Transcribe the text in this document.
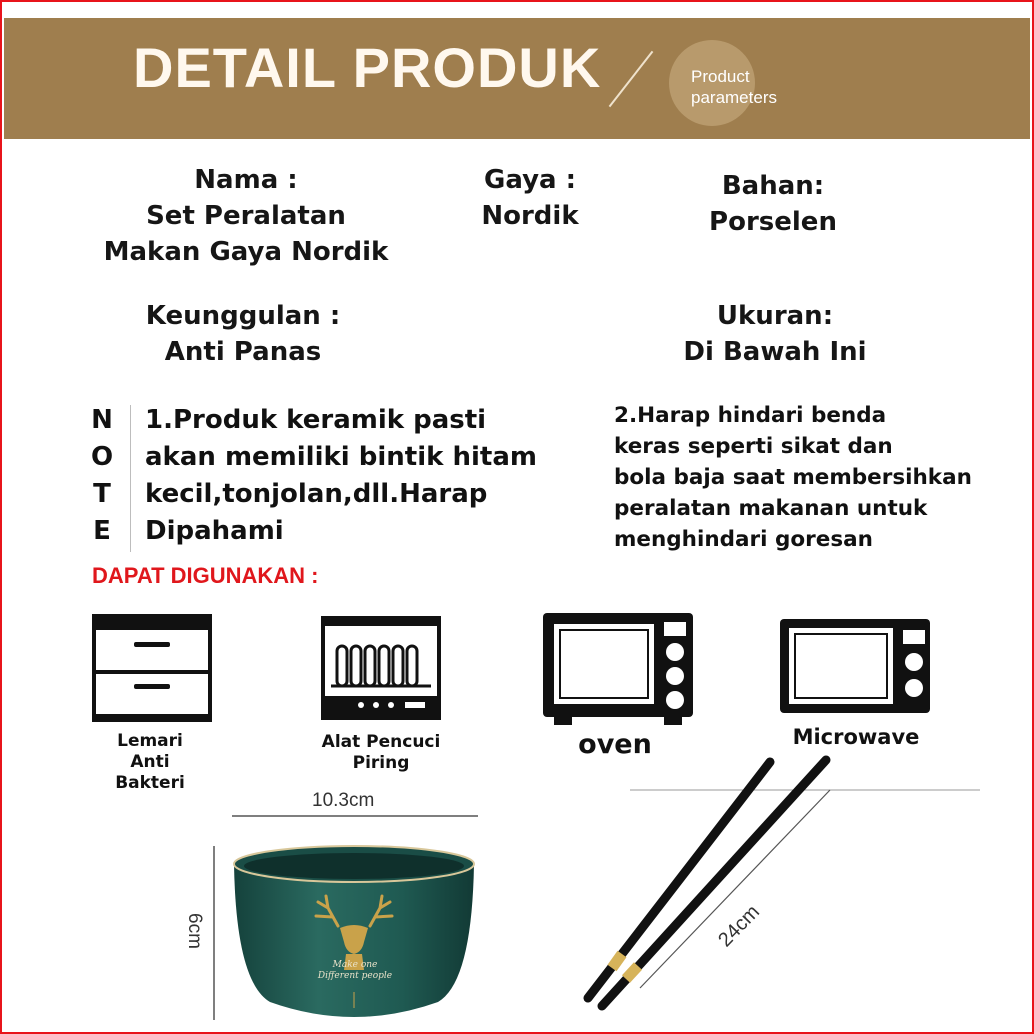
DETAIL PRODUK	Product
parameters
Nama :
Set Peralatan
Makan Gaya Nordik
Gaya :
Nordik
Bahan:
Porselen
Keunggulan :
Anti Panas
Ukuran:
Di Bawah Ini
N
O
T
E
1.Produk keramik pasti
akan memiliki bintik hitam
kecil,tonjolan,dll.Harap
Dipahami
2.Harap hindari benda
keras seperti sikat dan
bola baja saat membersihkan
peralatan makanan untuk
menghindari goresan
DAPAT DIGUNAKAN :
Lemari
Anti
Bakteri
Alat Pencuci
Piring
oven	Microwave
10.3cm
6cm
Make one
Different people
24cm
